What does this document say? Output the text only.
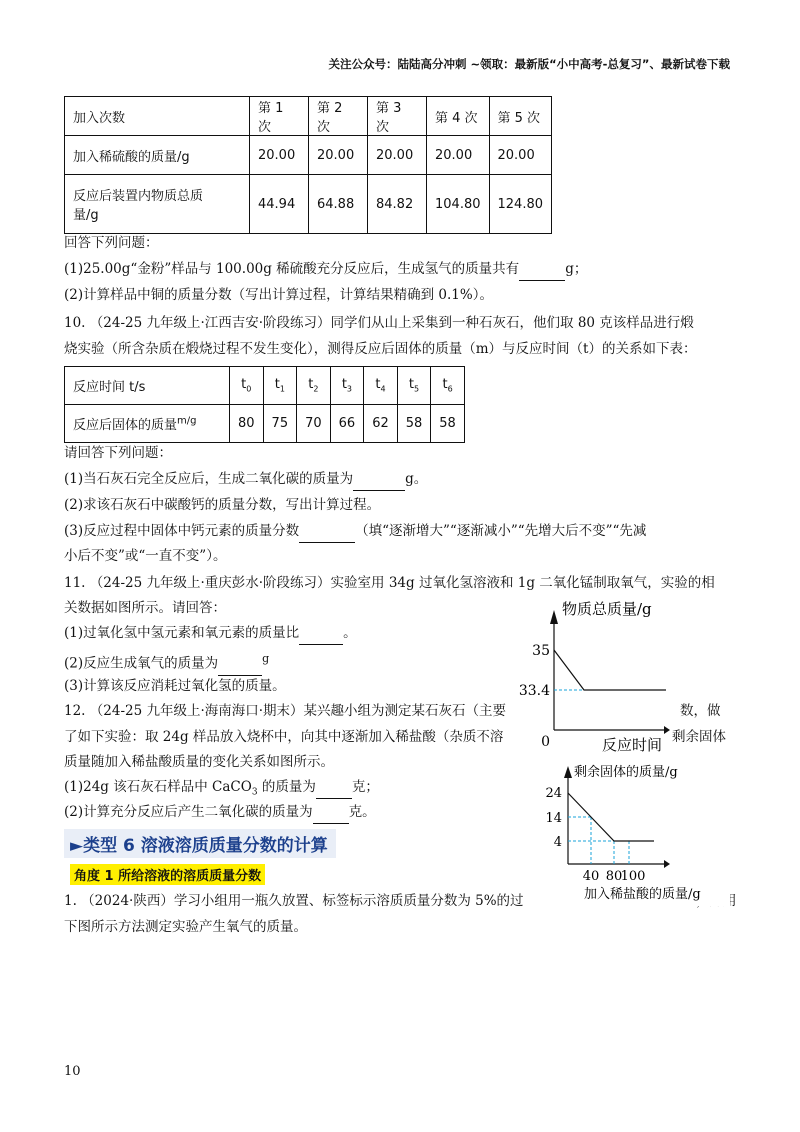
关注公众号：陆陆高分冲刺 ~领取：最新版“小中高考-总复习”、最新试卷下载
加入次数	第 1 次	第 2 次	第 3 次	第 4 次	第 5 次
加入稀硫酸的质量/g	20.00	20.00	20.00	20.00	20.00
反应后装置内物质总质
量/g	44.94	64.88	84.82	104.80	124.80
回答下列问题：
(1)25.00g“金粉”样品与 100.00g 稀硫酸充分反应后，生成氢气的质量共有	g；
(2)计算样品中铜的质量分数（写出计算过程，计算结果精确到 0.1%）。
10. （24-25 九年级上·江西吉安·阶段练习）同学们从山上采集到一种石灰石，他们取 80 克该样品进行煅
烧实验（所含杂质在煅烧过程不发生变化），测得反应后固体的质量（m）与反应时间（t）的关系如下表：
反应时间 t/s	$t_0$	$t_1$	$t_2$	$t_3$	$t_4$	$t_5$	$t_6$
反应后固体的质量$^{m/g}$	80	75	70	66	62	58	58
请回答下列问题：
(1)当石灰石完全反应后，生成二氧化碳的质量为	g。
(2)求该石灰石中碳酸钙的质量分数，写出计算过程。
(3)反应过程中固体中钙元素的质量分数	（填“逐渐增大”“逐渐减小”“先增大后不变”“先减
小后不变”或“一直不变”）。
11. （24-25 九年级上·重庆彭水·阶段练习）实验室用 34g 过氧化氢溶液和 1g 二氧化锰制取氧气，实验的相
关数据如图所示。请回答：
(1)过氧化氢中氢元素和氧元素的质量比	。
(2)反应生成氧气的质量为	$^g$
(3)计算该反应消耗过氧化氢的质量。
12. （24-25 九年级上·海南海口·期末）某兴趣小组为测定某石灰石（主要	数，做
了如下实验：取 24g 样品放入烧杯中，向其中逐渐加入稀盐酸（杂质不溶	剩余固体
质量随加入稀盐酸质量的变化关系如图所示。
(1)24g 该石灰石样品中 CaCO$_3$ 的质量为	克；
(2)计算充分反应后产生二氧化碳的质量为	克。
►类型 6 溶液溶质质量分数的计算
角度 1 所给溶液的溶质质量分数
1. （2024·陕西）学习小组用一瓶久放置、标签标示溶质质量分数为 5%的过	，并用
下图所示方法测定实验产生氧气的质量。
物质总质量/g
反应时间
0
35
33.4
剩余固体的质量/g
加入稀盐酸的质量/g
24
14
4
40 80
100
10
